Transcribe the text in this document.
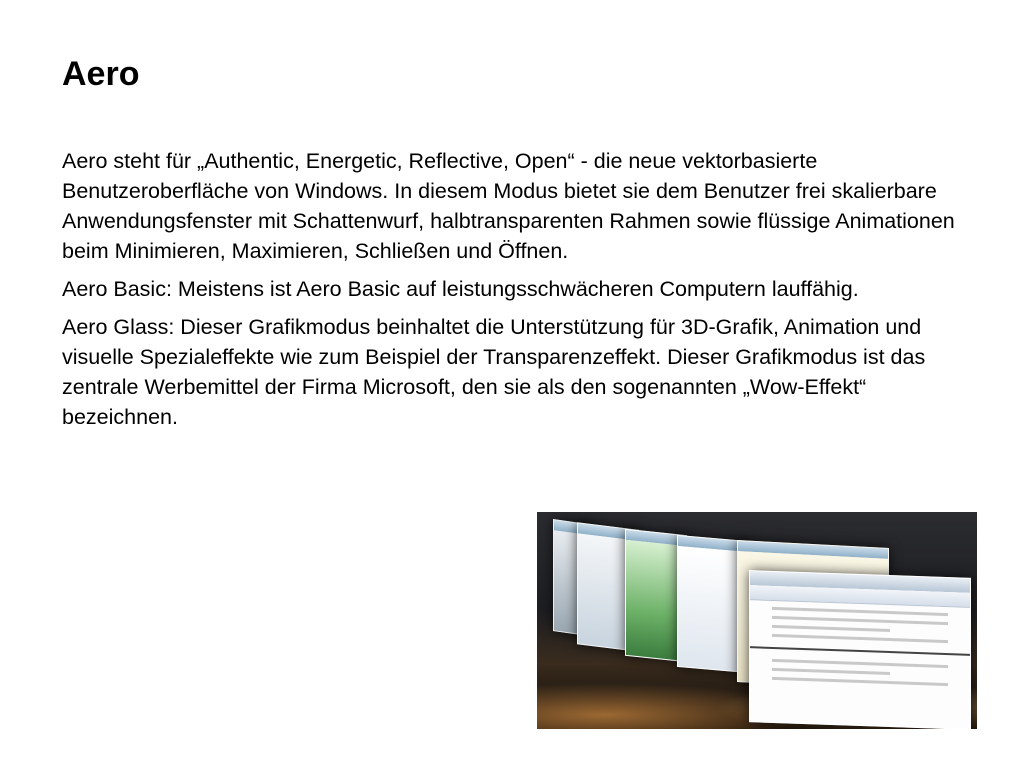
Aero

Aero steht für „Authentic, Energetic, Reflective, Open“ - die neue vektorbasierte Benutzeroberfläche von Windows. In diesem Modus bietet sie dem Benutzer frei skalierbare Anwendungsfenster mit Schattenwurf, halbtransparenten Rahmen sowie flüssige Animationen beim Minimieren, Maximieren, Schließen und Öffnen.

Aero Basic: Meistens ist Aero Basic auf leistungsschwächeren Computern lauffähig.

Aero Glass: Dieser Grafikmodus beinhaltet die Unterstützung für 3D-Grafik, Animation und visuelle Spezialeffekte wie zum Beispiel der Transparenzeffekt. Dieser Grafikmodus ist das zentrale Werbemittel der Firma Microsoft, den sie als den sogenannten „Wow-Effekt“ bezeichnen.
